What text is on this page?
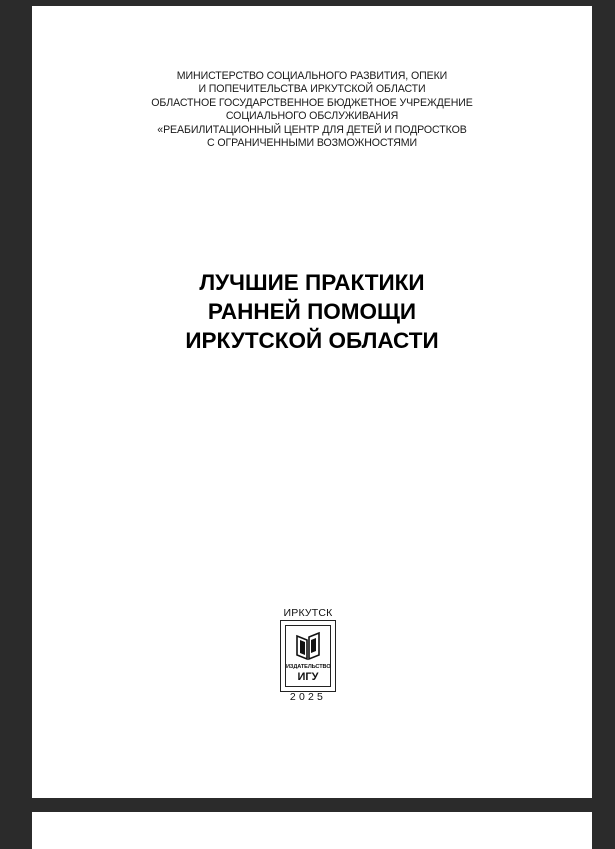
МИНИСТЕРСТВО СОЦИАЛЬНОГО РАЗВИТИЯ, ОПЕКИ
И ПОПЕЧИТЕЛЬСТВА ИРКУТСКОЙ ОБЛАСТИ
ОБЛАСТНОЕ ГОСУДАРСТВЕННОЕ БЮДЖЕТНОЕ УЧРЕЖДЕНИЕ
СОЦИАЛЬНОГО ОБСЛУЖИВАНИЯ
«РЕАБИЛИТАЦИОННЫЙ ЦЕНТР ДЛЯ ДЕТЕЙ И ПОДРОСТКОВ
С ОГРАНИЧЕННЫМИ ВОЗМОЖНОСТЯМИ
ЛУЧШИЕ ПРАКТИКИ
РАННЕЙ ПОМОЩИ
ИРКУТСКОЙ ОБЛАСТИ
ИРКУТСК
ИЗДАТЕЛЬСТВО
ИГУ
2025
